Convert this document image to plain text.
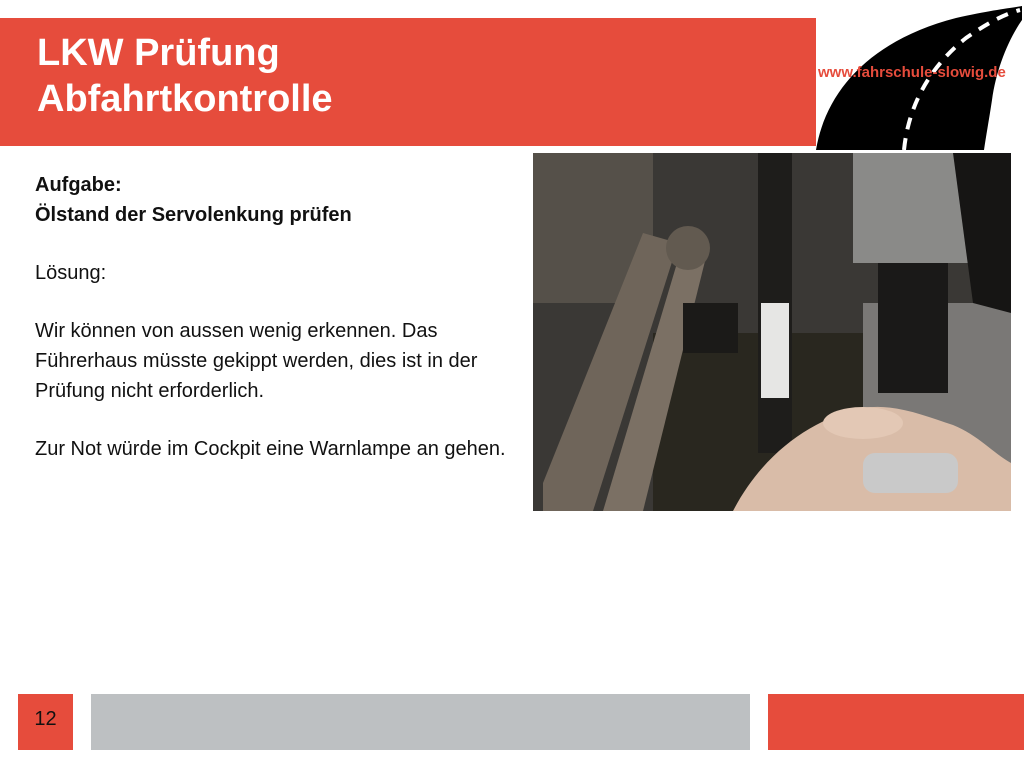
LKW Prüfung
Abfahrtkontrolle
www.fahrschule-slowig.de

Aufgabe:

Ölstand der Servolenkung prüfen

Lösung:

Wir können von aussen wenig erkennen. Das Führerhaus müsste gekippt werden, dies ist in der Prüfung nicht erforderlich.

Zur Not würde im Cockpit eine Warnlampe an gehen.

12
